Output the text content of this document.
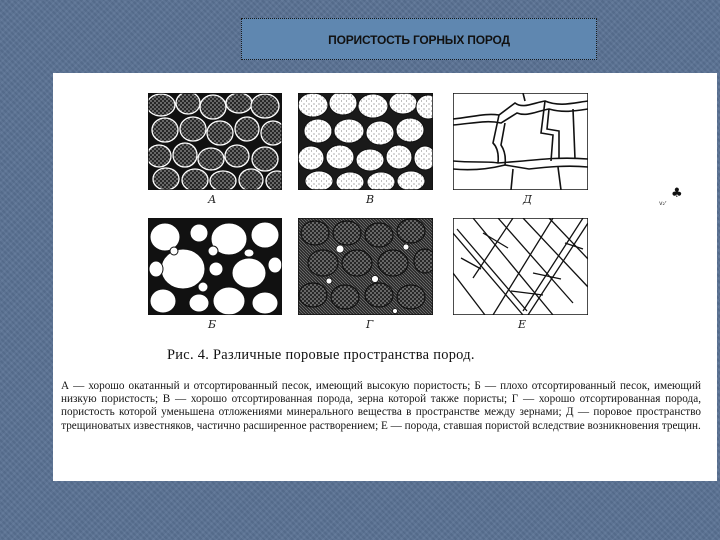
ПОРИСТОСТЬ ГОРНЫХ ПОРОД
А	В	Д
Б	Г	Е
♣
v₂ʳ
Рис. 4. Различные поровые пространства пород.
А — хорошо окатанный и отсортированный песок, имеющий высокую пористость; Б — плохо отсортированный песок, имеющий низкую пористость; В — хорошо отсортированная порода, зерна которой также пористы; Г — хорошо отсортированная порода, пористость которой уменьшена отложениями минерального вещества в пространстве между зернами; Д — поровое пространство трещиноватых известняков, частично расширенное растворением; Е — порода, ставшая пористой вследствие возникновения трещин.
